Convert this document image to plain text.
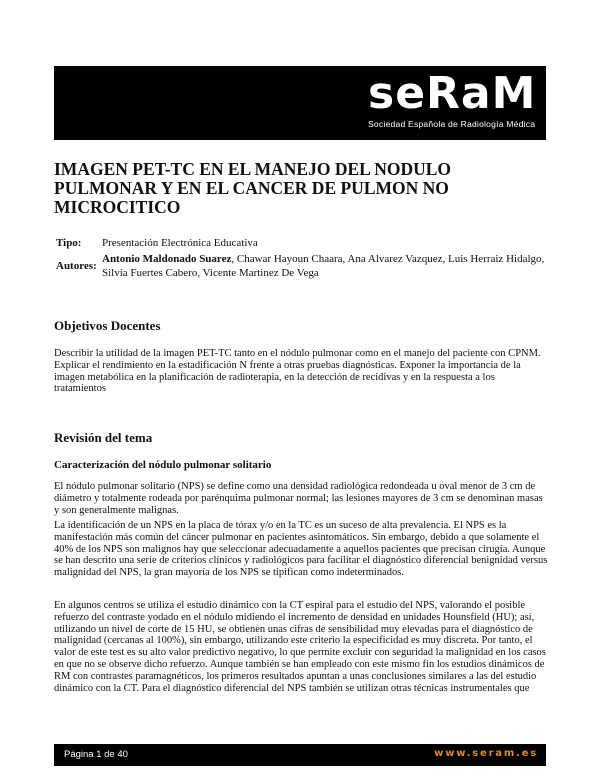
seRaM
Sociedad Española de Radiología Médica
IMAGEN PET-TC EN EL MANEJO DEL NODULO PULMONAR Y EN EL CANCER DE PULMON NO MICROCITICO
Tipo:	Presentación Electrónica Educativa
Autores:
Antonio Maldonado Suarez, Chawar Hayoun Chaara, Ana Alvarez Vazquez, Luis Herraiz Hidalgo, Silvia Fuertes Cabero, Vicente Martinez De Vega
Objetivos Docentes

Describir la utilidad de la imagen PET-TC tanto en el nódulo pulmonar como en el manejo del paciente con CPNM. Explicar el rendimiento en la estadificación N frente a otras pruebas diagnósticas. Exponer la importancia de la imagen metabólica en la planificación de radioterapia, en la detección de recidivas y en la respuesta a los tratamientos

Revisión del tema
Caracterización del nódulo pulmonar solitario

El nódulo pulmonar solitario (NPS) se define como una densidad radiológica redondeada u oval menor de 3 cm de diámetro y totalmente rodeada por parénquima pulmonar normal; las lesiones mayores de 3 cm se denominan masas y son generalmente malignas.

La identificación de un NPS en la placa de tórax y/o en la TC es un suceso de alta prevalencia. El NPS es la manifestación más común del cáncer pulmonar en pacientes asintomáticos. Sin embargo, debido a que solamente el 40% de los NPS son malignos hay que seleccionar adecuadamente a aquellos pacientes que precisan cirugía. Aunque se han descrito una serie de criterios clínicos y radiológicos para facilitar el diagnóstico diferencial benignidad versus malignidad del NPS, la gran mayoría de los NPS se tipifican como indeterminados.

En algunos centros se utiliza el estudio dinámico con la CT espiral para el estudio del NPS, valorando el posible refuerzo del contraste yodado en el nódulo midiendo el incremento de densidad en unidades Hounsfield (HU); así, utilizando un nivel de corte de 15 HU, se obtienen unas cifras de sensibilidad muy elevadas para el diagnóstico de malignidad (cercanas al 100%), sin embargo, utilizando este criterio la especificidad es muy discreta. Por tanto, el valor de este test es su alto valor predictivo negativo, lo que permite excluir con seguridad la malignidad en los casos en que no se observe dicho refuerzo. Aunque también se han empleado con este mismo fin los estudios dinámicos de RM con contrastes paramagnéticos, los primeros resultados apuntan a unas conclusiones similares a las del estudio dinámico con la CT. Para el diagnóstico diferencial del NPS también se utilizan otras técnicas instrumentales que

Página 1 de 40	www.seram.es
